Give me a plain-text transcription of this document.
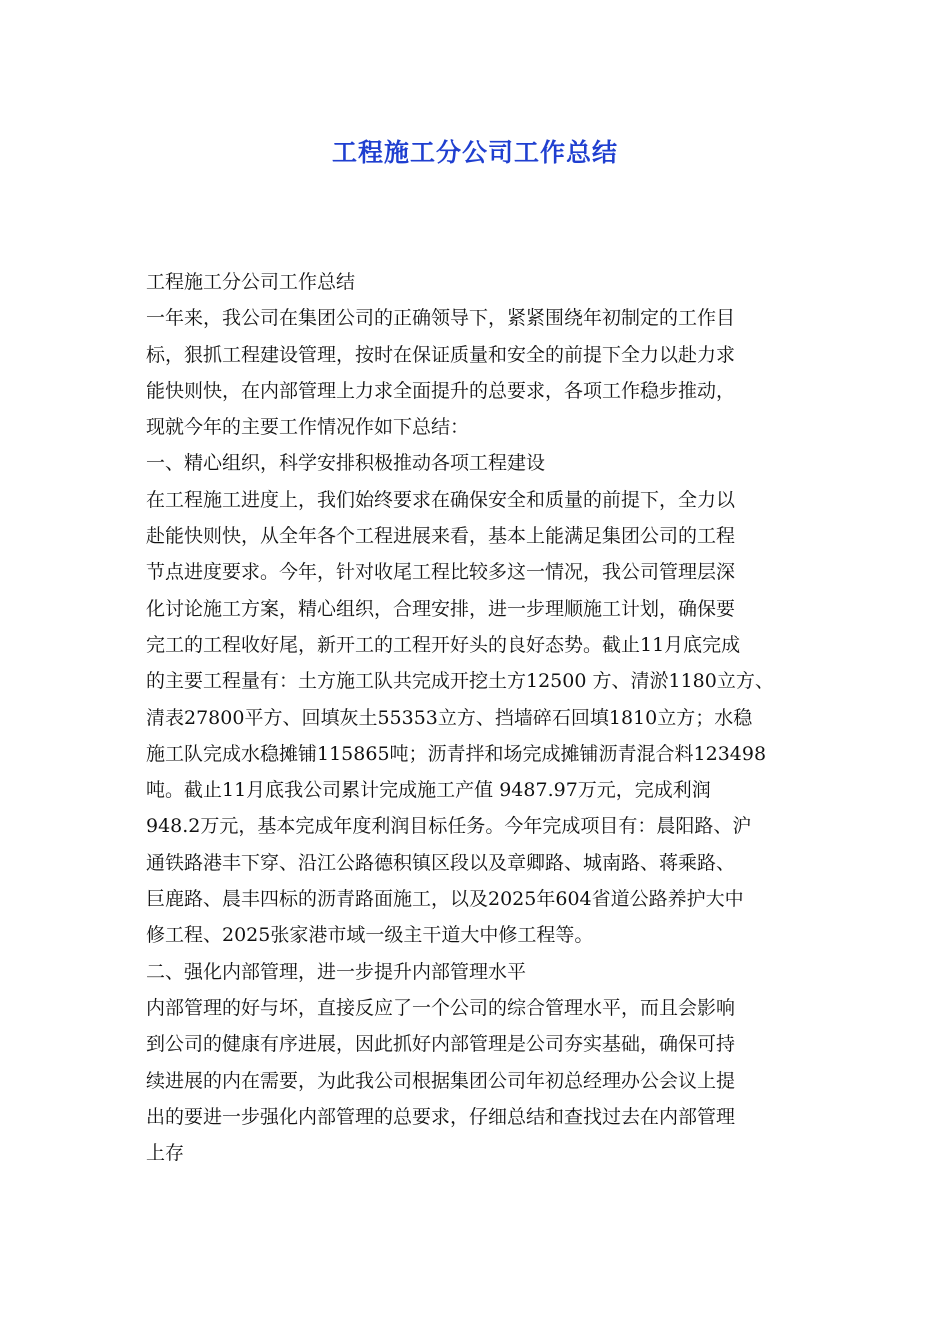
工程施工分公司工作总结
工程施工分公司工作总结
一年来，我公司在集团公司的正确领导下，紧紧围绕年初制定的工作目
标，狠抓工程建设管理，按时在保证质量和安全的前提下全力以赴力求
能快则快，在内部管理上力求全面提升的总要求，各项工作稳步推动，
现就今年的主要工作情况作如下总结：
一、精心组织，科学安排积极推动各项工程建设
在工程施工进度上，我们始终要求在确保安全和质量的前提下，全力以
赴能快则快，从全年各个工程进展来看，基本上能满足集团公司的工程
节点进度要求。今年，针对收尾工程比较多这一情况，我公司管理层深
化讨论施工方案，精心组织，合理安排，进一步理顺施工计划，确保要
完工的工程收好尾，新开工的工程开好头的良好态势。截止11月底完成
的主要工程量有：土方施工队共完成开挖土方12500 方、清淤1180立方、
清表27800平方、回填灰土55353立方、挡墙碎石回填1810立方；水稳
施工队完成水稳摊铺115865吨；沥青拌和场完成摊铺沥青混合料123498
吨。截止11月底我公司累计完成施工产值 9487.97万元，完成利润
948.2万元，基本完成年度利润目标任务。今年完成项目有：晨阳路、沪
通铁路港丰下穿、沿江公路德积镇区段以及章卿路、城南路、蒋乘路、
巨鹿路、晨丰四标的沥青路面施工，以及2025年604省道公路养护大中
修工程、2025张家港市域一级主干道大中修工程等。
二、强化内部管理，进一步提升内部管理水平
内部管理的好与坏，直接反应了一个公司的综合管理水平，而且会影响
到公司的健康有序进展，因此抓好内部管理是公司夯实基础，确保可持
续进展的内在需要，为此我公司根据集团公司年初总经理办公会议上提
出的要进一步强化内部管理的总要求，仔细总结和查找过去在内部管理
上存
